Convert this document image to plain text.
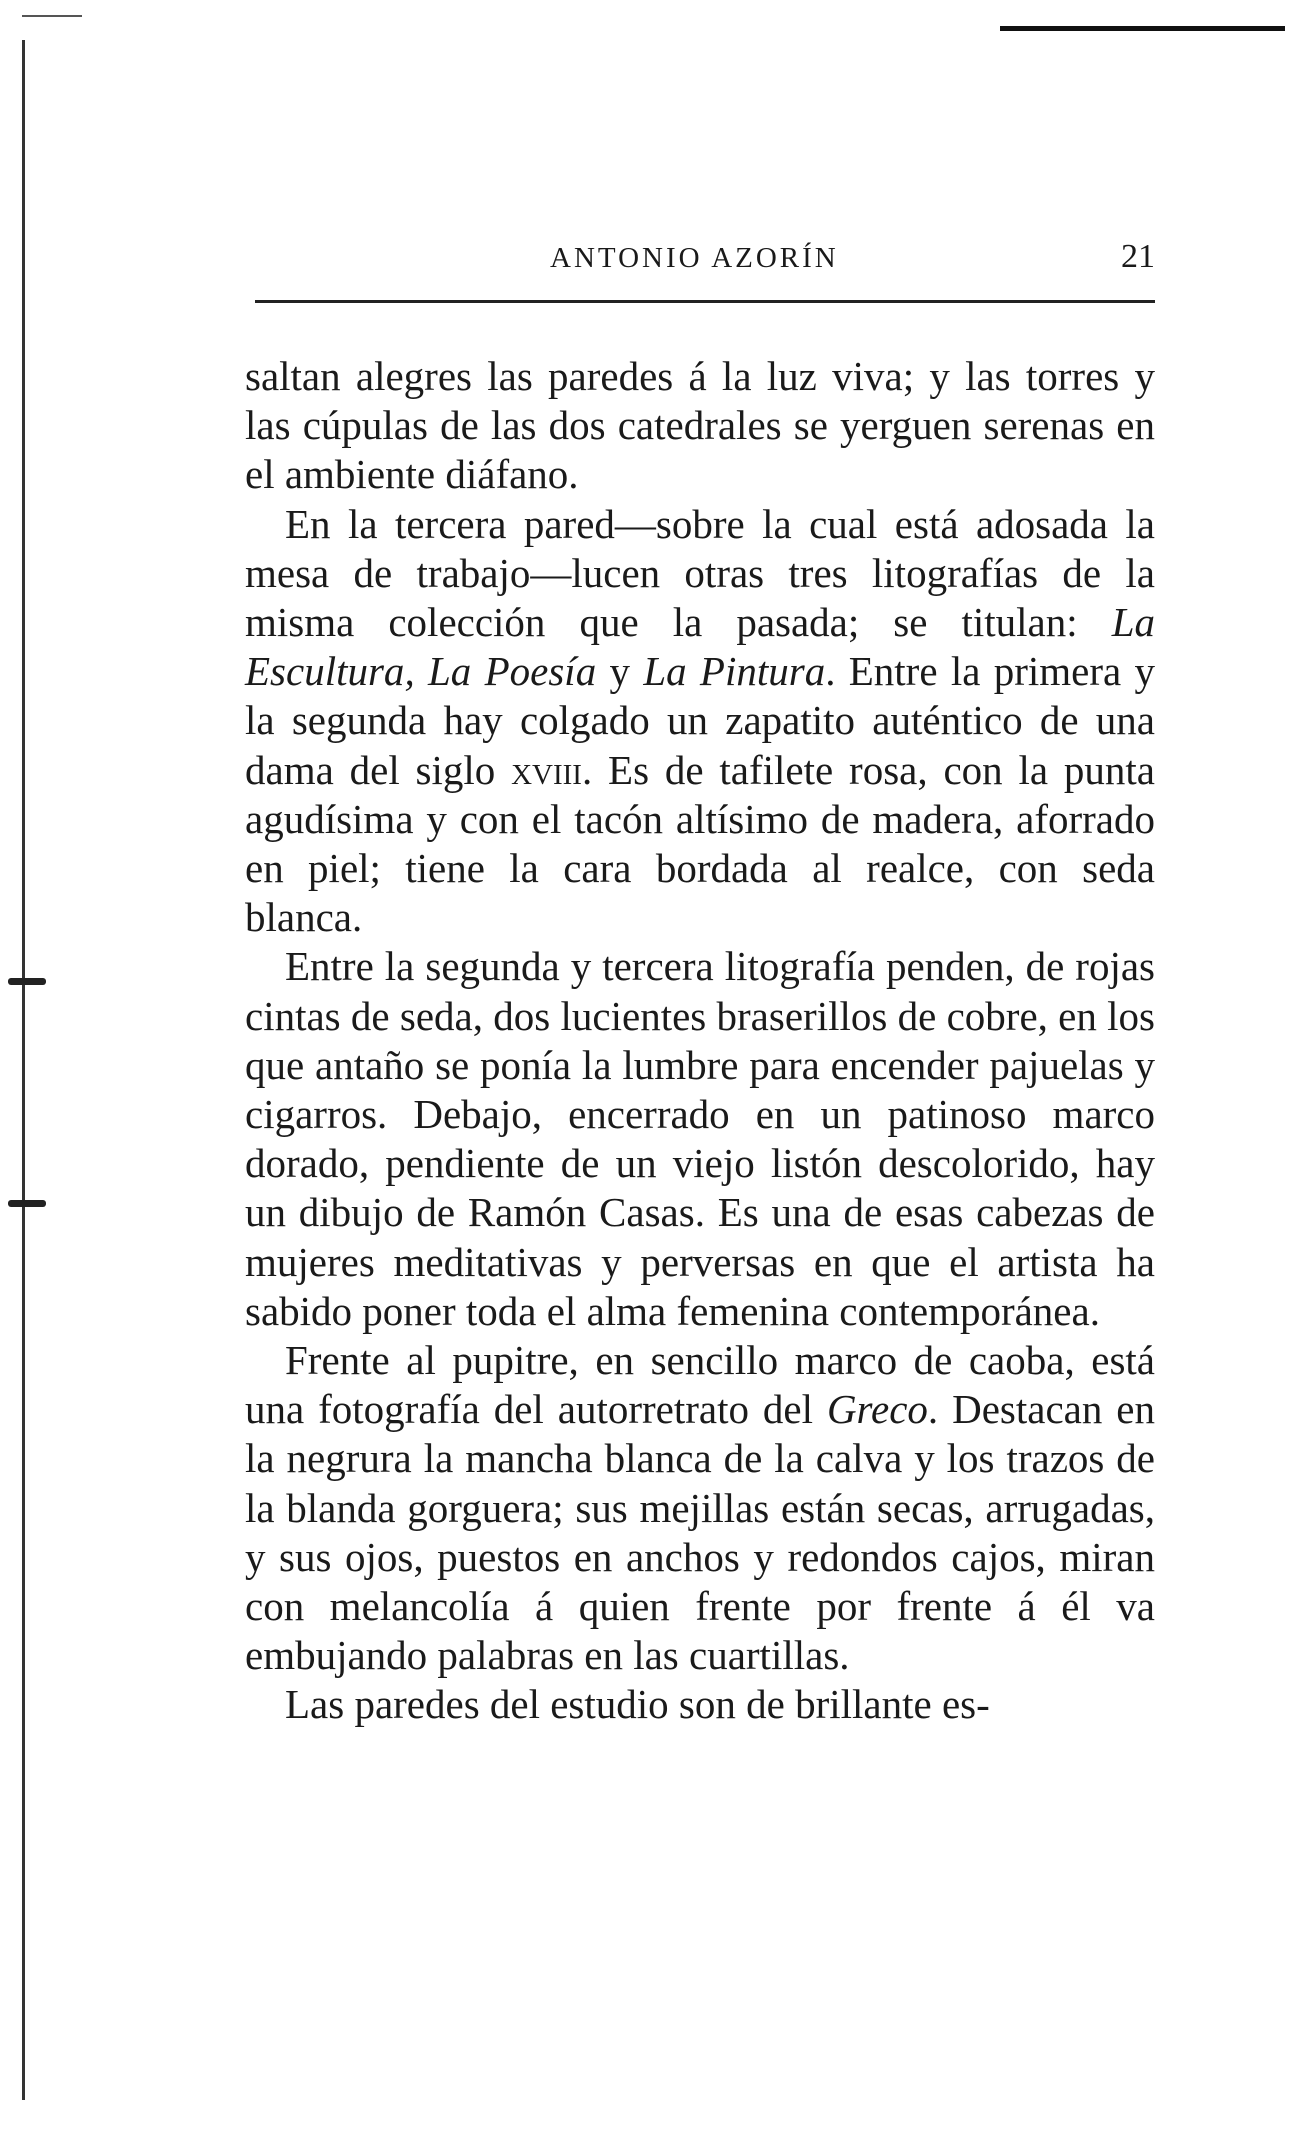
ANTONIO AZORÍN	21

saltan alegres las paredes á la luz viva; y las torres y las cúpulas de las dos catedrales se yerguen serenas en el ambiente diáfano.

En la tercera pared—sobre la cual está adosada la mesa de trabajo—lucen otras tres litografías de la misma colección que la pasada; se titulan: La Escultura, La Poesía y La Pintura. Entre la primera y la segunda hay colgado un zapatito auténtico de una dama del siglo xviii. Es de tafilete rosa, con la punta agudísima y con el tacón altísimo de madera, aforrado en piel; tiene la cara bordada al realce, con seda blanca.

Entre la segunda y tercera litografía penden, de rojas cintas de seda, dos lucientes braserillos de cobre, en los que antaño se ponía la lumbre para encender pajuelas y cigarros. Debajo, encerrado en un patinoso marco dorado, pendiente de un viejo listón descolorido, hay un dibujo de Ramón Casas. Es una de esas cabezas de mujeres meditativas y perversas en que el artista ha sabido poner toda el alma femenina contemporánea.

Frente al pupitre, en sencillo marco de caoba, está una fotografía del autorretrato del Greco. Destacan en la negrura la mancha blanca de la calva y los trazos de la blanda gorguera; sus mejillas están secas, arrugadas, y sus ojos, puestos en anchos y redondos cajos, miran con melancolía á quien frente por frente á él va embujando palabras en las cuartillas.

Las paredes del estudio son de brillante es-
